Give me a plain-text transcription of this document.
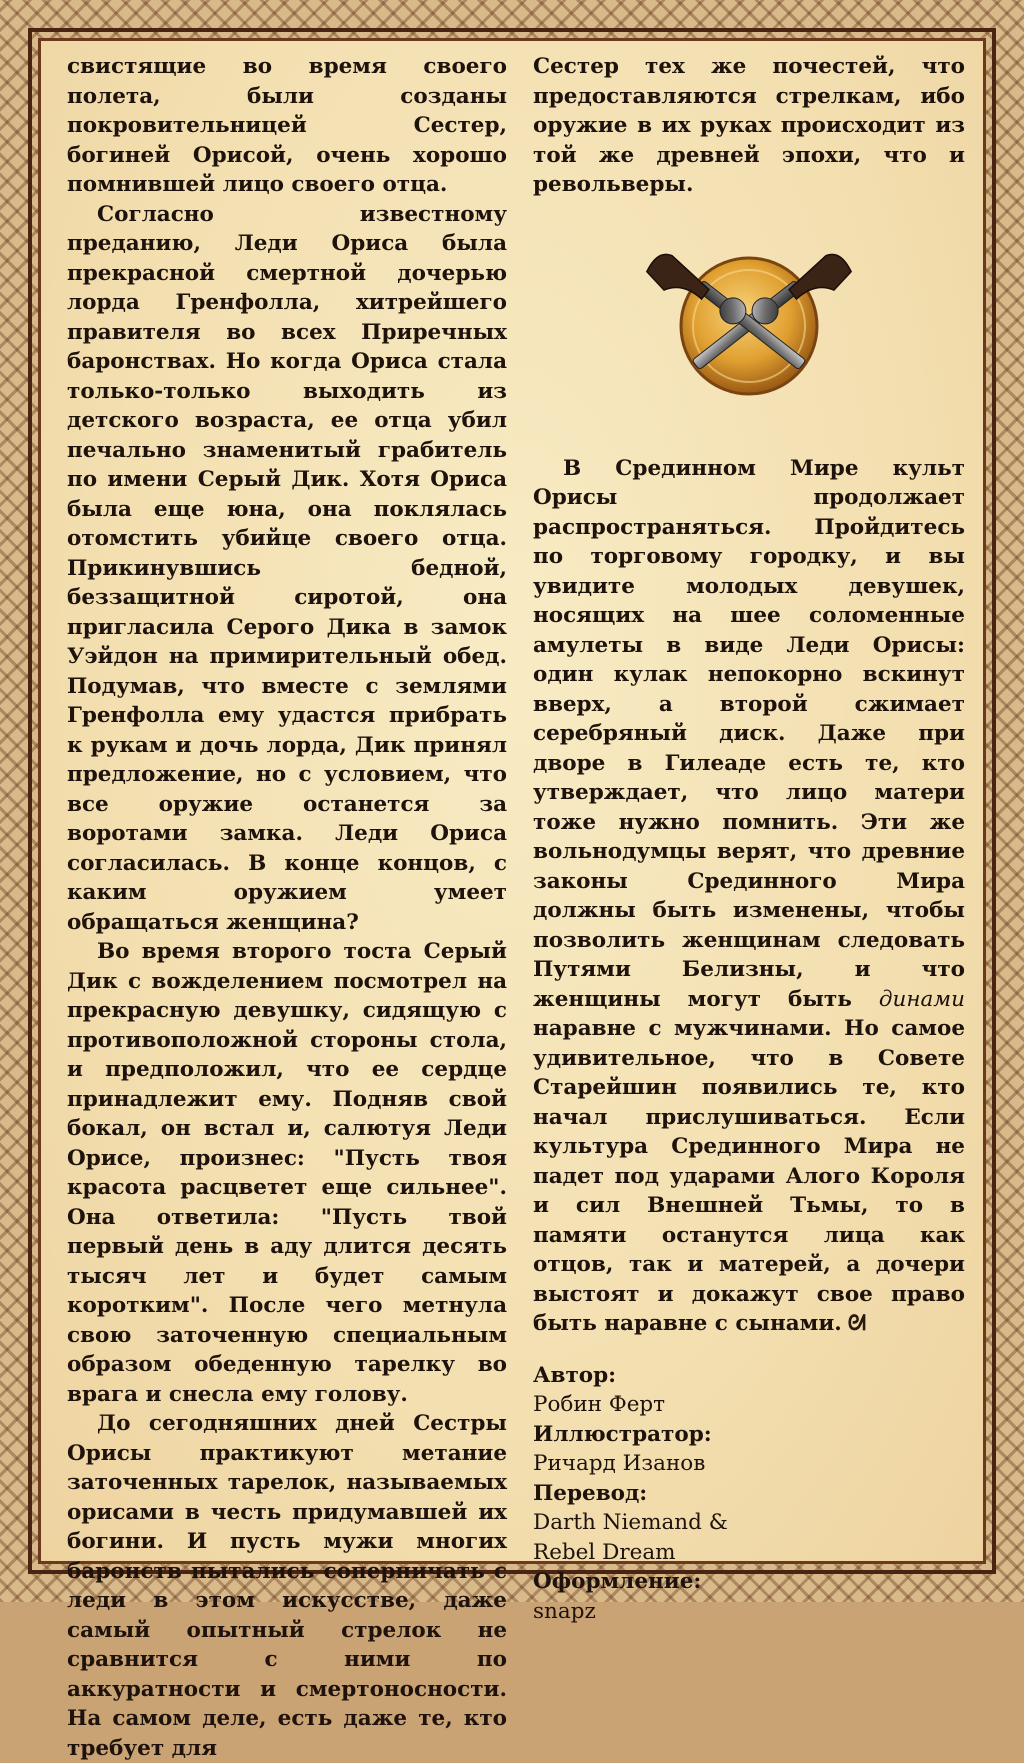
свистящие во время своего полета, были созданы покровительницей Сестер, богиней Орисой, очень хорошо помнившей лицо своего отца.

Согласно известному преданию, Леди Ориса была прекрасной смертной дочерью лорда Гренфолла, хитрейшего правителя во всех Приречных баронствах. Но когда Ориса стала только-только выходить из детского возраста, ее отца убил печально знаменитый грабитель по имени Серый Дик. Хотя Ориса была еще юна, она поклялась отомстить убийце своего отца. Прикинувшись бедной, беззащитной сиротой, она пригласила Серого Дика в замок Уэйдон на примирительный обед. Подумав, что вместе с землями Гренфолла ему удастся прибрать к рукам и дочь лорда, Дик принял предложение, но с условием, что все оружие останется за воротами замка. Леди Ориса согласилась. В конце концов, с каким оружием умеет обращаться женщина?

Во время второго тоста Серый Дик с вожделением посмотрел на прекрасную девушку, сидящую с противоположной стороны стола, и предположил, что ее сердце принадлежит ему. Подняв свой бокал, он встал и, салютуя Леди Орисе, произнес: "Пусть твоя красота расцветет еще сильнее". Она ответила: "Пусть твой первый день в аду длится десять тысяч лет и будет самым коротким". После чего метнула свою заточенную специальным образом обеденную тарелку во врага и снесла ему голову.

До сегодняшних дней Сестры Орисы практикуют метание заточенных тарелок, называемых орисами в честь придумавшей их богини. И пусть мужи многих баронств пытались соперничать с леди в этом искусстве, даже самый опытный стрелок не сравнится с ними по аккуратности и смертоносности. На самом деле, есть даже те, кто требует для

Сестер тех же почестей, что предоставляются стрелкам, ибо оружие в их руках происходит из той же древней эпохи, что и револьверы.

В Срединном Мире культ Орисы продолжает распространяться. Пройдитесь по торговому городку, и вы увидите молодых девушек, носящих на шее соломенные амулеты в виде Леди Орисы: один кулак непокорно вскинут вверх, а второй сжимает серебряный диск. Даже при дворе в Гилеаде есть те, кто утверждает, что лицо матери тоже нужно помнить. Эти же вольнодумцы верят, что древние законы Срединного Мира должны быть изменены, чтобы позволить женщинам следовать Путями Белизны, и что женщины могут быть динами наравне с мужчинами. Но самое удивительное, что в Совете Старейшин появились те, кто начал прислушиваться. Если культура Срединного Мира не падет под ударами Алого Короля и сил Внешней Тьмы, то в памяти останутся лица как отцов, так и матерей, а дочери выстоят и докажут свое право быть наравне с сынами. ᘛ

Автор:
Робин Ферт
Иллюстратор:
Ричард Изанов
Перевод:
Darth Niemand &
Rebel Dream
Оформление:
snapz
